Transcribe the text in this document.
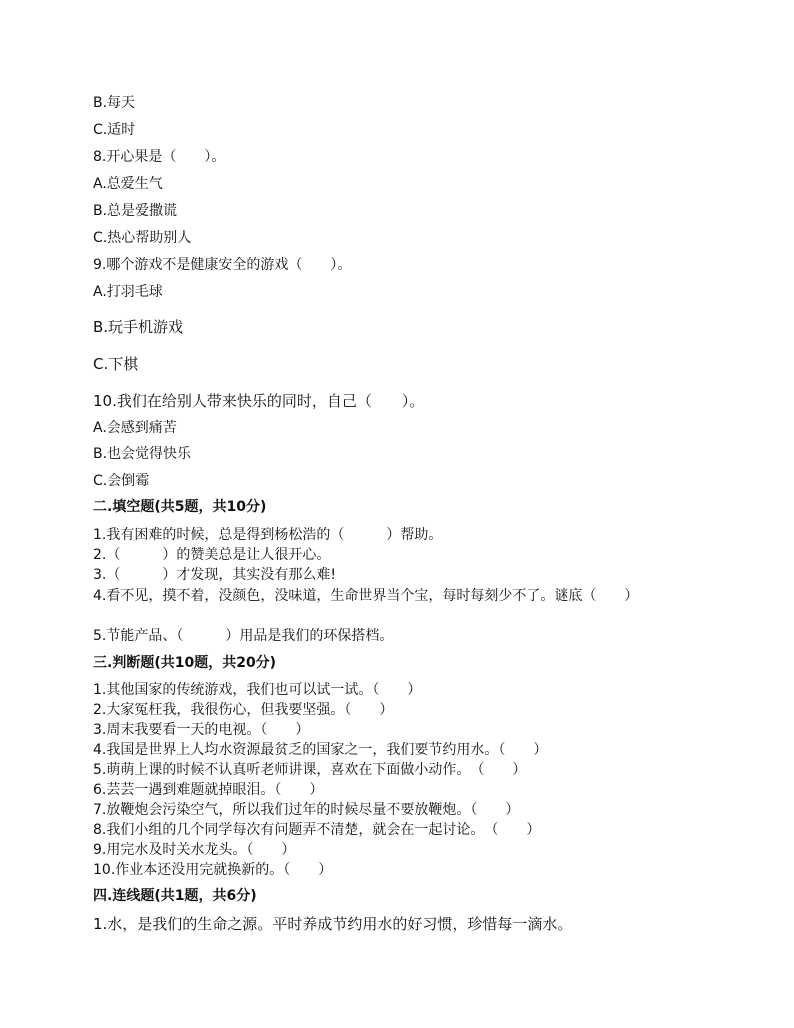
B.每天
C.适时
8.开心果是（　　）。
A.总爱生气
B.总是爱撒谎
C.热心帮助别人
9.哪个游戏不是健康安全的游戏（　　）。
A.打羽毛球
B.玩手机游戏
C.下棋
10.我们在给别人带来快乐的同时，自己（　　）。
A.会感到痛苦
B.也会觉得快乐
C.会倒霉
二.填空题(共5题，共10分)
1.我有困难的时候，总是得到杨松浩的（　　　）帮助。
2.（　　　）的赞美总是让人很开心。
3.（　　　）才发现，其实没有那么难!
4.看不见，摸不着，没颜色，没味道，生命世界当个宝，每时每刻少不了。谜底（　　）
5.节能产品、（　　　）用品是我们的环保搭档。
三.判断题(共10题，共20分)
1.其他国家的传统游戏，我们也可以试一试。（　　）
2.大家冤枉我，我很伤心，但我要坚强。（　　）
3.周末我要看一天的电视。（　　）
4.我国是世界上人均水资源最贫乏的国家之一，我们要节约用水。（　　）
5.萌萌上课的时候不认真听老师讲课，喜欢在下面做小动作。　（　　）
6.芸芸一遇到难题就掉眼泪。（　　）
7.放鞭炮会污染空气，所以我们过年的时候尽量不要放鞭炮。（　　）
8.我们小组的几个同学每次有问题弄不清楚，就会在一起讨论。　（　　）
9.用完水及时关水龙头。（　　）
10.作业本还没用完就换新的。（　　）
四.连线题(共1题，共6分)
1.水，是我们的生命之源。平时养成节约用水的好习惯，珍惜每一滴水。
